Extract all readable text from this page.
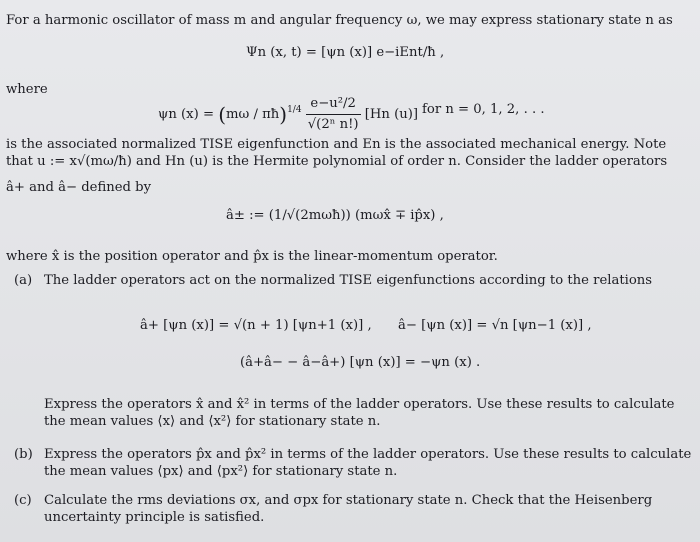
For a harmonic oscillator of mass m and angular frequency ω, we may express stationary state n as
Ψn (x, t) = [ψn (x)] e−iEnt/ħ ,
where
ψn (x) = (mω / πħ)$^{1/4}$ $\frac{\text{e−u²/2}}{\text{√(2ⁿ n!)}} [Hn$ (u)] for n = 0, 1, 2, . . .
is the associated normalized TISE eigenfunction and En is the associated mechanical energy. Note
that u := x√(mω/ħ) and Hn (u) is the Hermite polynomial of order n. Consider the ladder operators
â+ and â− defined by
â± := (1/√(2mωħ)) (mωx̂ ∓ ip̂x) ,
where x̂ is the position operator and p̂x is the linear-momentum operator.
(a) The ladder operators act on the normalized TISE eigenfunctions according to the relations
â+ [ψn (x)] = √(n + 1) [ψn+1 (x)] , â− [ψn (x)] = √n [ψn−1 (x)] ,
(â+â− − â−â+) [ψn (x)] = −ψn (x) .
Express the operators x̂ and x̂² in terms of the ladder operators. Use these results to calculate
the mean values ⟨x⟩ and ⟨x²⟩ for stationary state n.
(b) Express the operators p̂x and p̂x² in terms of the ladder operators. Use these results to calculate
the mean values ⟨px⟩ and ⟨px²⟩ for stationary state n.
(c) Calculate the rms deviations σx, and σpx for stationary state n. Check that the Heisenberg
uncertainty principle is satisfied.
